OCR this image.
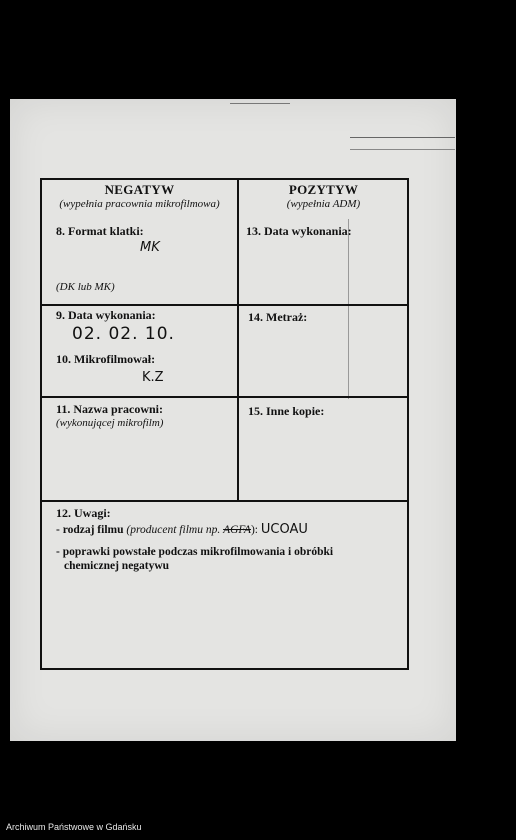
NEGATYW
(wypełnia pracownia mikrofilmowa)
8. Format klatki:
MK
(DK lub MK)
POZYTYW
(wypełnia ADM)
13. Data wykonania:
9. Data wykonania:
02. 02. 10.
10. Mikrofilmował:
K.Z
14. Metraż:
11. Nazwa pracowni:
(wykonującej mikrofilm)
15. Inne kopie:
12. Uwagi:
- rodzaj filmu (producent filmu np. AGFA): UCOAU
- poprawki powstałe podczas mikrofilmowania i obróbki
chemicznej negatywu
Archiwum Państwowe w Gdańsku
